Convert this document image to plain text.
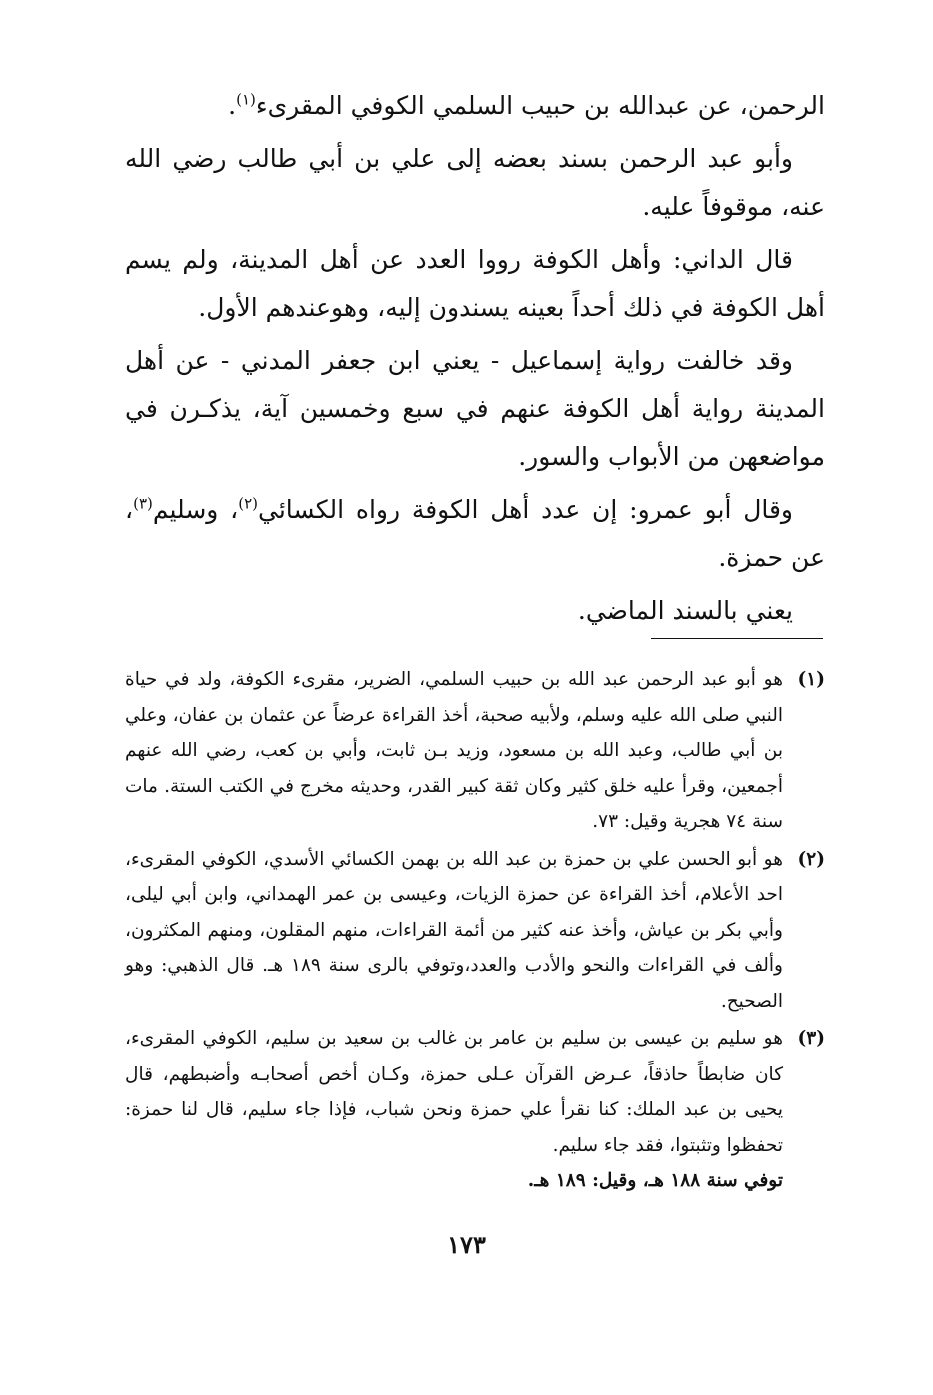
الرحمن، عن عبدالله بن حبيب السلمي الكوفي المقرىء$^{(١)}$.

وأبو عبد الرحمن بسند بعضه إلى علي بن أبي طالب رضي الله عنه، موقوفاً عليه.

قال الداني: وأهل الكوفة رووا العدد عن أهل المدينة، ولم يسم أهل الكوفة في ذلك أحداً بعينه يسندون إليه، وهوعندهم الأول.

وقد خالفت رواية إسماعيل - يعني ابن جعفر المدني - عن أهل المدينة رواية أهل الكوفة عنهم في سبع وخمسين آية، يذكـرن في مواضعهن من الأبواب والسور.

وقال أبو عمرو: إن عدد أهل الكوفة رواه الكسائي$^{(٢)}$، وسليم$^{(٣)}$، عن حمزة.

يعني بالسند الماضي.

(١)
هو أبو عبد الرحمن عبد الله بن حبيب السلمي، الضرير، مقرىء الكوفة، ولد في حياة النبي صلى الله عليه وسلم، ولأبيه صحبة، أخذ القراءة عرضاً عن عثمان بن عفان، وعلي بن أبي طالب، وعبد الله بن مسعود، وزيد بـن ثابت، وأبي بن كعب، رضي الله عنهم أجمعين، وقرأ عليه خلق كثير وكان ثقة كبير القدر، وحديثه مخرج في الكتب الستة. مات سنة ٧٤ هجرية وقيل: ٧٣.
(٢)
هو أبو الحسن علي بن حمزة بن عبد الله بن بهمن الكسائي الأسدي، الكوفي المقرىء، احد الأعلام، أخذ القراءة عن حمزة الزيات، وعيسى بن عمر الهمداني، وابن أبي ليلى، وأبي بكر بن عياش، وأخذ عنه كثير من أئمة القراءات، منهم المقلون، ومنهم المكثرون، وألف في القراءات والنحو والأدب والعدد،وتوفي بالرى سنة ١٨٩ هـ. قال الذهبي: وهو الصحيح.
(٣)
هو سليم بن عيسى بن سليم بن عامر بن غالب بن سعيد بن سليم، الكوفي المقرىء، كان ضابطاً حاذقاً، عـرض القرآن عـلى حمزة، وكـان أخص أصحابـه وأضبطهم، قال يحيى بن عبد الملك: كنا نقرأ علي حمزة ونحن شباب، فإذا جاء سليم، قال لنا حمزة: تحفظوا وتثبتوا، فقد جاء سليم.

توفي سنة ١٨٨ هـ، وقيل: ١٨٩ هـ.

١٧٣
